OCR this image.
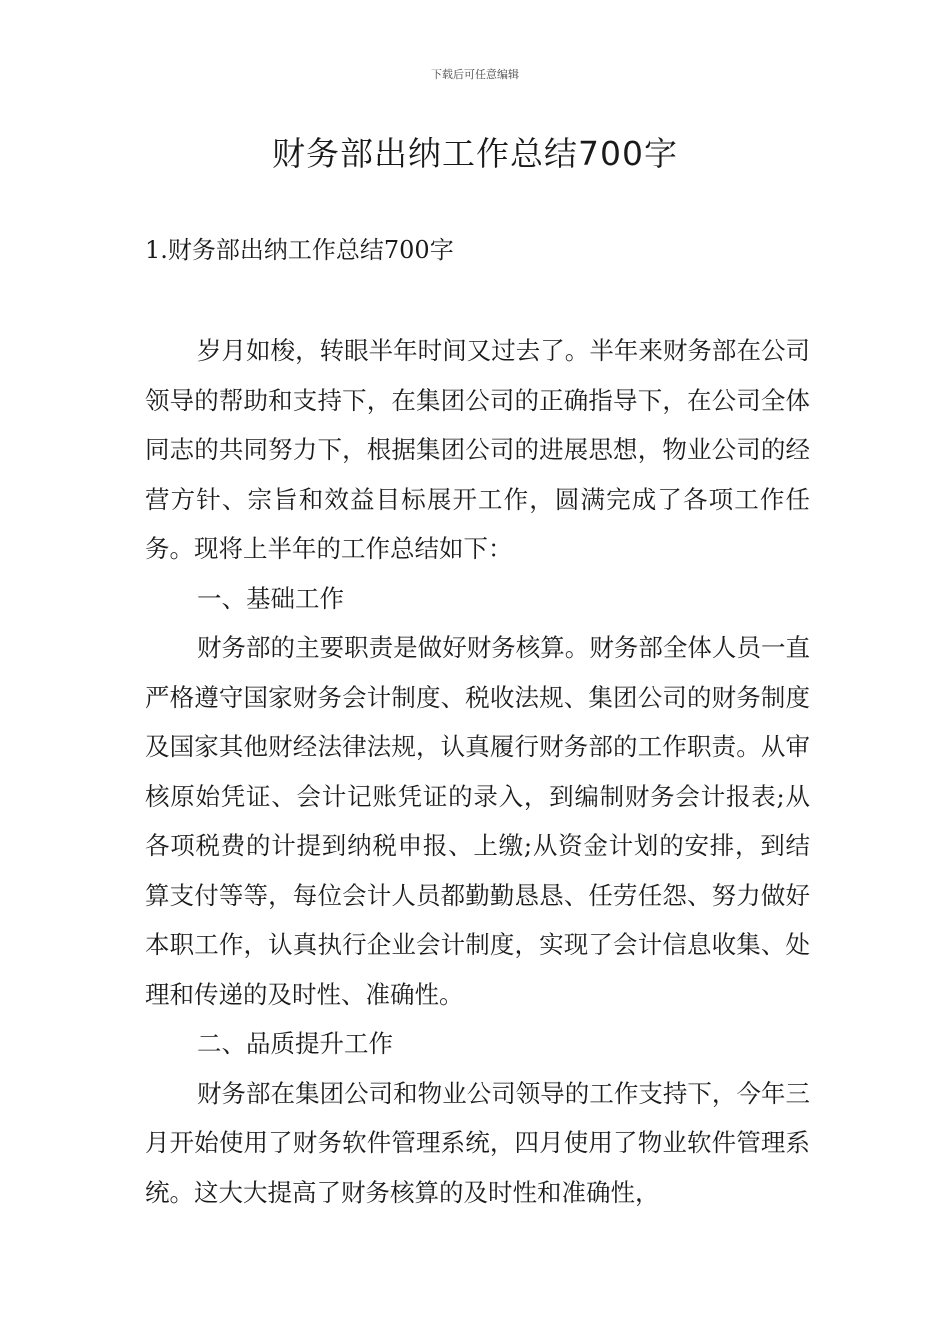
下载后可任意编辑
财务部出纳工作总结700字

1.财务部出纳工作总结700字

岁月如梭，转眼半年时间又过去了。半年来财务部在公司领导的帮助和支持下，在集团公司的正确指导下，在公司全体同志的共同努力下，根据集团公司的进展思想，物业公司的经营方针、宗旨和效益目标展开工作，圆满完成了各项工作任务。现将上半年的工作总结如下：

一、基础工作

财务部的主要职责是做好财务核算。财务部全体人员一直严格遵守国家财务会计制度、税收法规、集团公司的财务制度及国家其他财经法律法规，认真履行财务部的工作职责。从审核原始凭证、会计记账凭证的录入，到编制财务会计报表;从各项税费的计提到纳税申报、上缴;从资金计划的安排，到结算支付等等，每位会计人员都勤勤恳恳、任劳任怨、努力做好本职工作，认真执行企业会计制度，实现了会计信息收集、处理和传递的及时性、准确性。

二、品质提升工作

财务部在集团公司和物业公司领导的工作支持下，今年三月开始使用了财务软件管理系统，四月使用了物业软件管理系统。这大大提高了财务核算的及时性和准确性，
